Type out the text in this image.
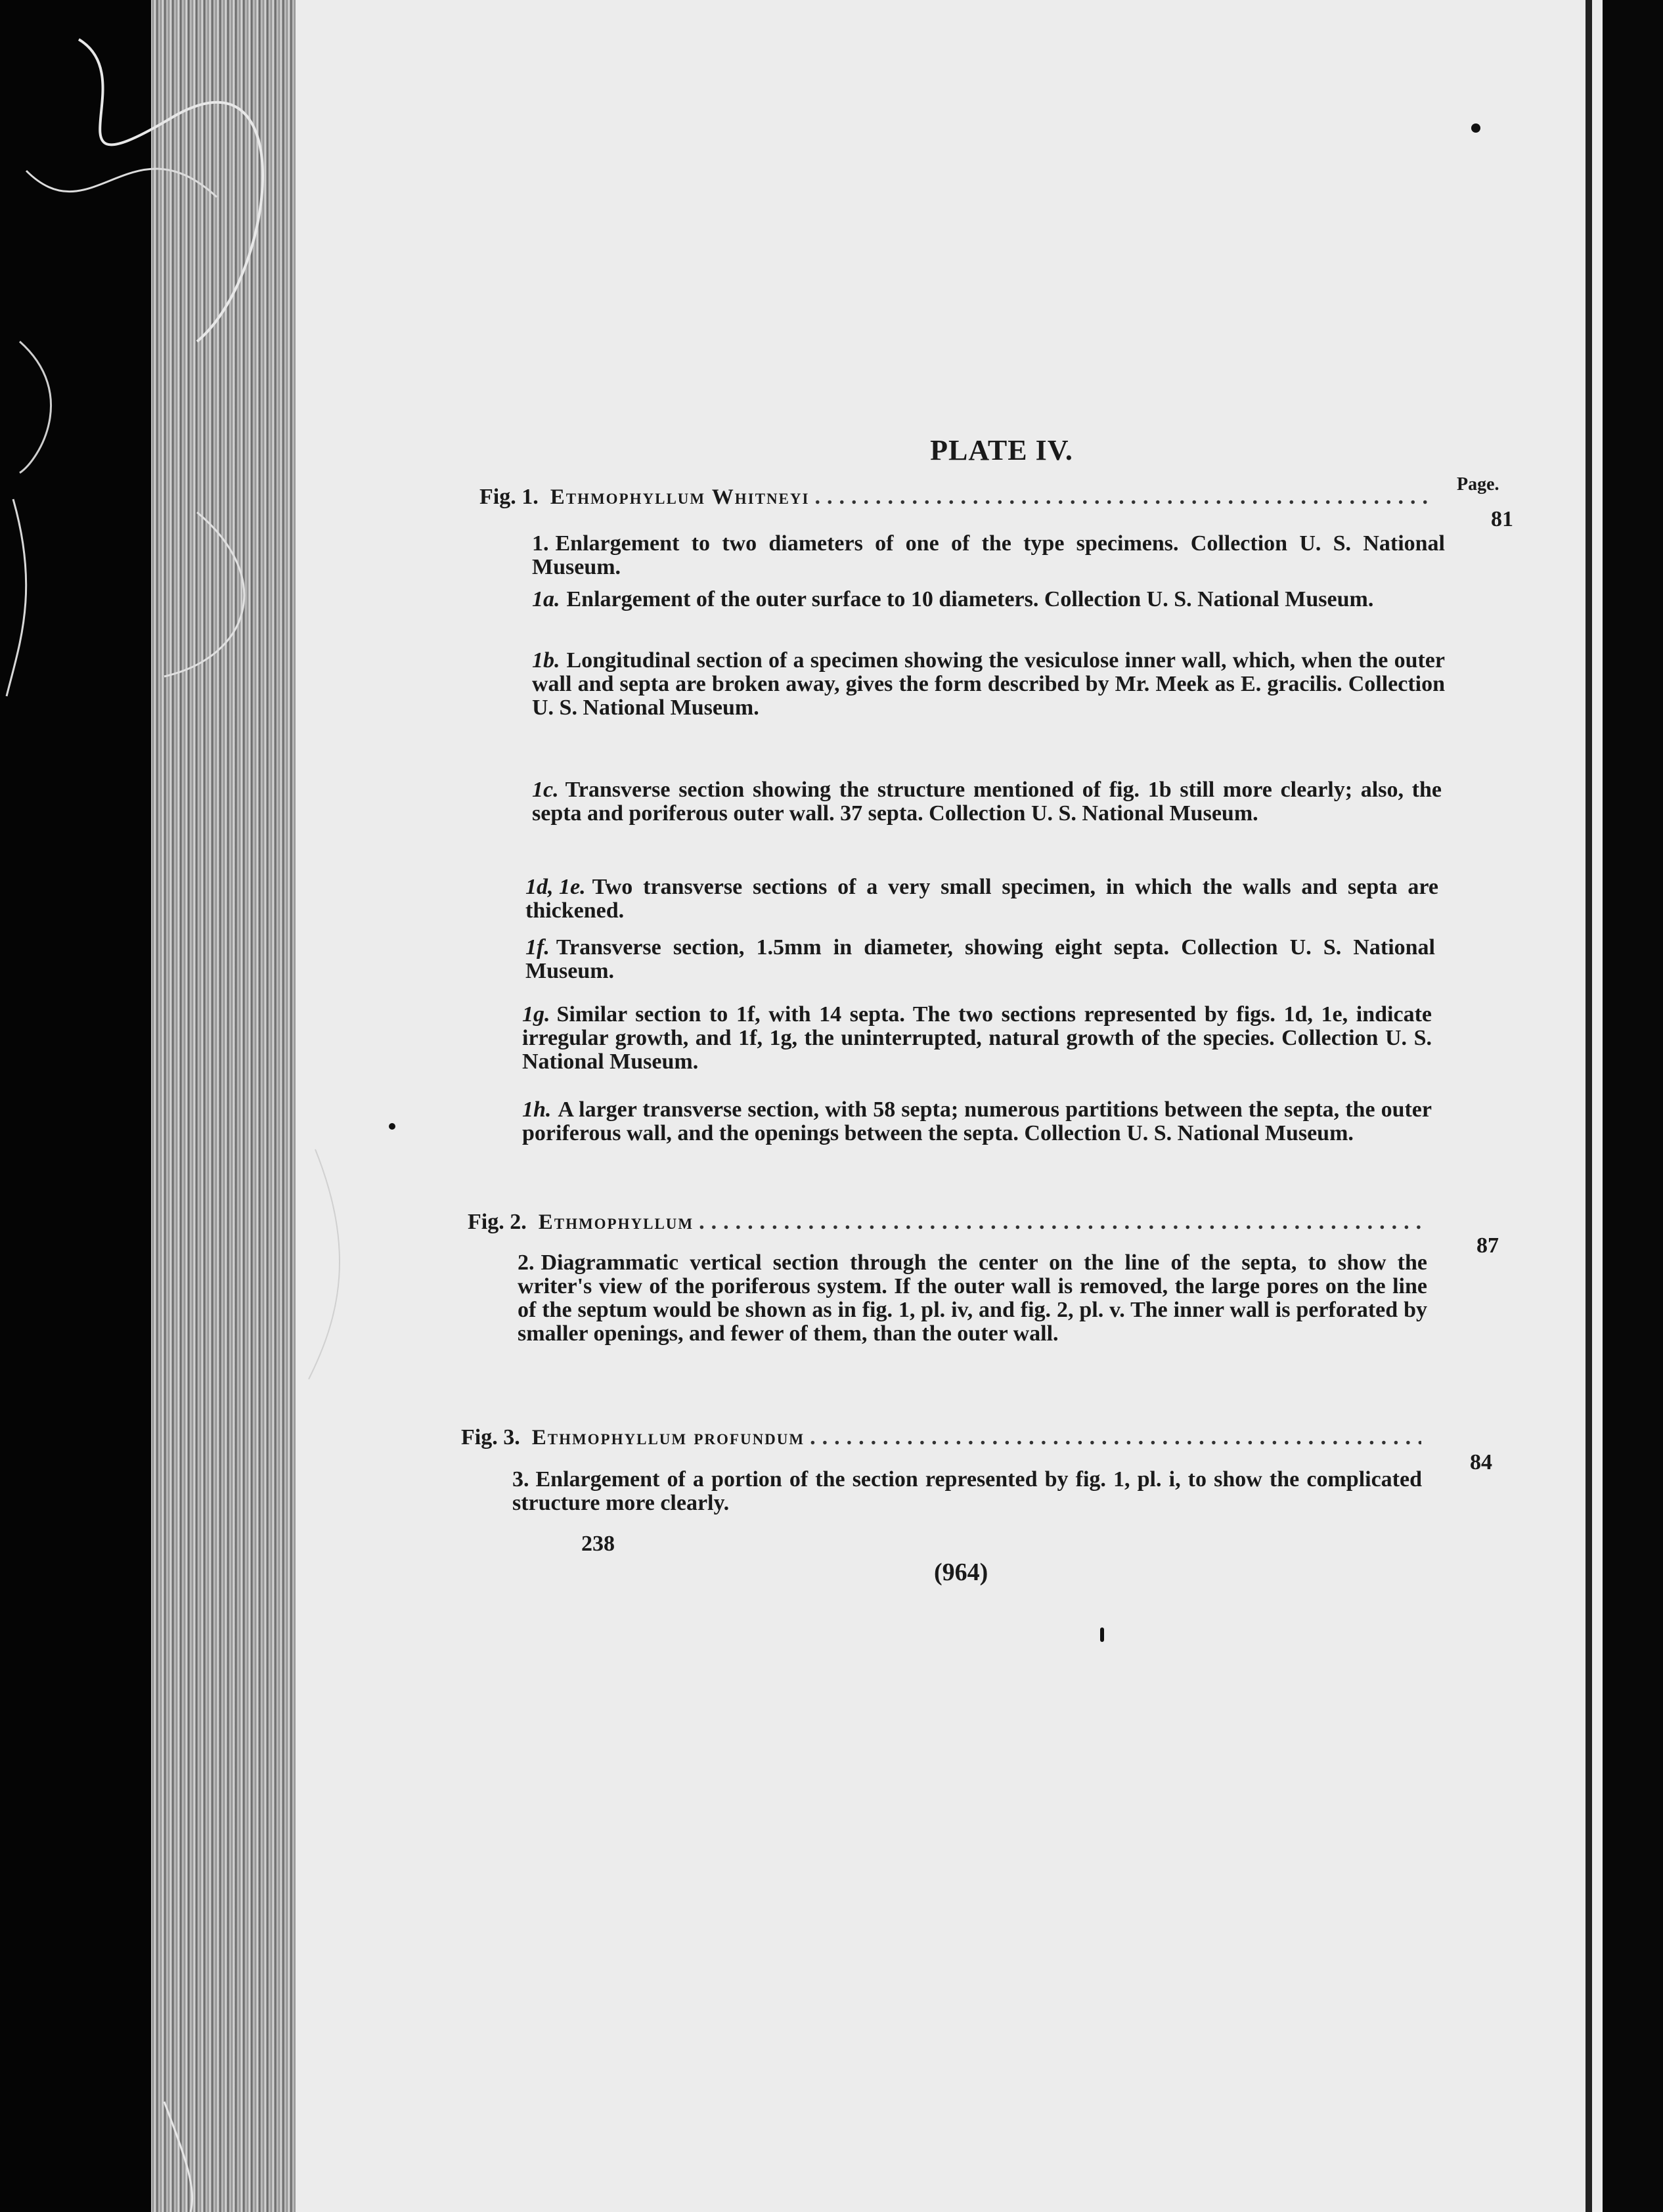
PLATE IV.
Page.
Fig. 1. Ethmophyllum Whitneyi
.....
81
1. Enlargement to two diameters of one of the type specimens. Collection U. S. National Museum.
1a. Enlargement of the outer surface to 10 diameters. Collection U. S. National Museum.
1b. Longitudinal section of a specimen showing the vesiculose inner wall, which, when the outer wall and septa are broken away, gives the form described by Mr. Meek as E. gracilis. Collection U. S. National Museum.
1c. Transverse section showing the structure mentioned of fig. 1b still more clearly; also, the septa and poriferous outer wall. 37 septa. Collection U. S. National Museum.
1d, 1e. Two transverse sections of a very small specimen, in which the walls and septa are thickened.
1f. Transverse section, 1.5mm in diameter, showing eight septa. Collection U. S. National Museum.
1g. Similar section to 1f, with 14 septa. The two sections represented by figs. 1d, 1e, indicate irregular growth, and 1f, 1g, the uninterrupted, natural growth of the species. Collection U. S. National Museum.
1h. A larger transverse section, with 58 septa; numerous partitions between the septa, the outer poriferous wall, and the openings between the septa. Collection U. S. National Museum.
Fig. 2. Ethmophyllum
.....
87
2. Diagrammatic vertical section through the center on the line of the septa, to show the writer's view of the poriferous system. If the outer wall is removed, the large pores on the line of the septum would be shown as in fig. 1, pl. iv, and fig. 2, pl. v. The inner wall is perforated by smaller openings, and fewer of them, than the outer wall.
Fig. 3. Ethmophyllum profundum
.....
84
3. Enlargement of a portion of the section represented by fig. 1, pl. i, to show the complicated structure more clearly.
238
(964)
